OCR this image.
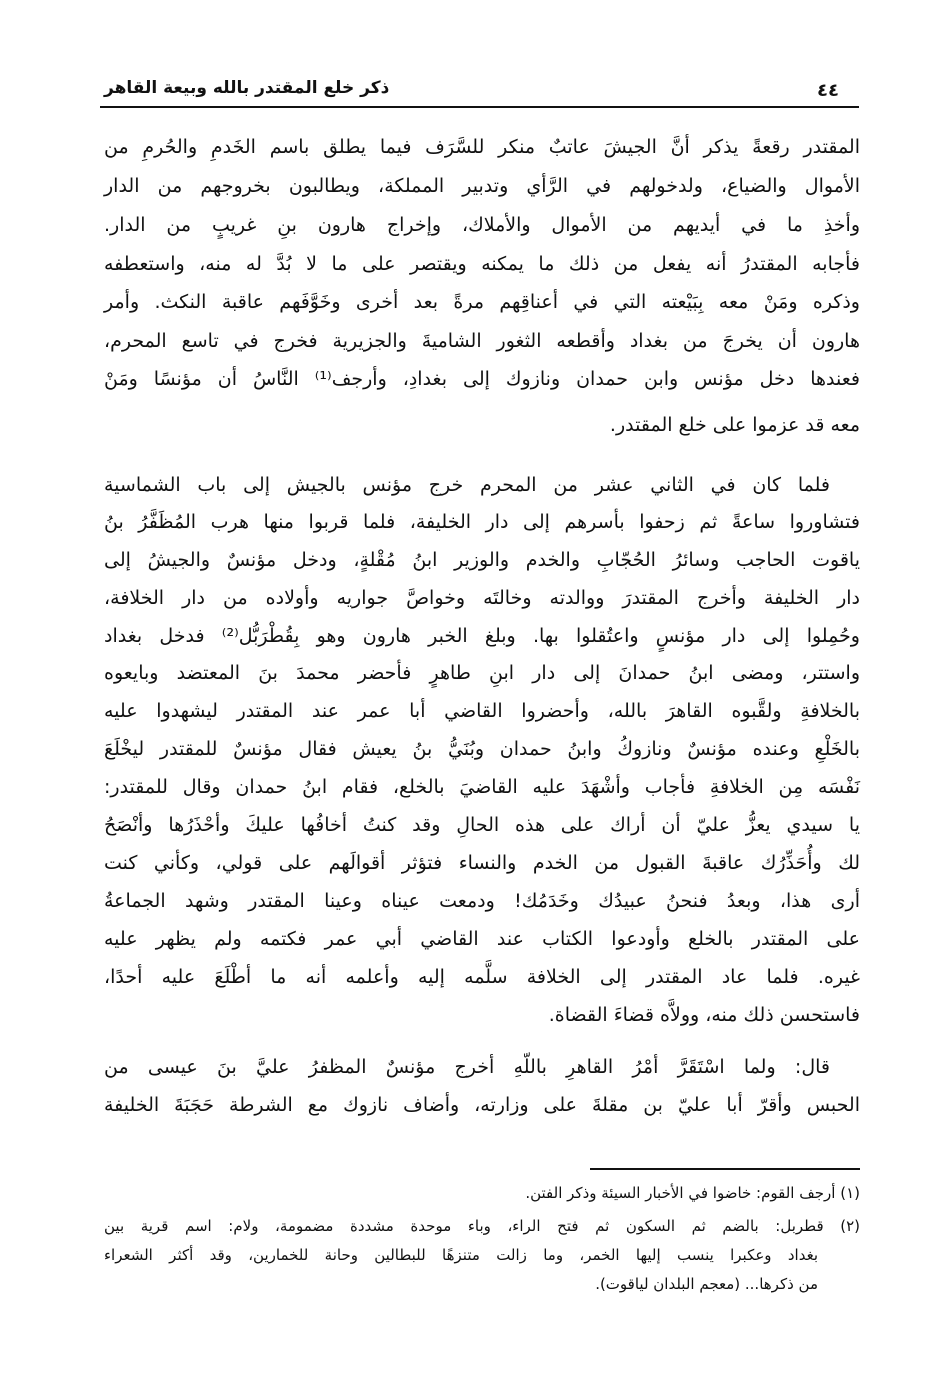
٤٤
ذكر خلع المقتدر بالله وبيعة القاهر
المقتدر رقعةً يذكر أنَّ الجيشَ عاتبٌ منكر للسَّرَف فيما يطلق باسم الخَدمِ والحُرمِ من
الأموال والضياع، ولدخولهم في الرَّأي وتدبير المملكة، ويطالبون بخروجهم من الدار
وأخذِ ما في أيديهم من الأموال والأملاك، وإخراج هارون بنِ غريبٍ من الدار.
فأجابه المقتدرُ أنه يفعل من ذلك ما يمكنه ويقتصر على ما لا بُدَّ له منه، واستعطفه
وذكره ومَنْ معه بِبَيْعته التي في أعناقِهم مرةً بعد أخرى وخَوَّفَهم عاقبة النكث. وأمر
هارون أن يخرجَ من بغداد وأقطعه الثغور الشاميةَ والجزيرية فخرج في تاسع المحرم،
فعندها دخل مؤنس وابن حمدان ونازوك إلى بغدادِ، وأرجف⁽¹⁾ النَّاسُ أن مؤنسًا ومَنْ
معه قد عزموا على خلع المقتدر.
فلما كان في الثاني عشر من المحرم خرج مؤنس بالجيش إلى باب الشماسية
فتشاوروا ساعةً ثم زحفوا بأسرهم إلى دار الخليفة، فلما قربوا منها هرب المُظَفَّرُ بنُ
ياقوت الحاجب وسائرُ الحُجّابِ والخدم والوزير ابنُ مُقْلةٍ، ودخل مؤنسٌ والجيشُ إلى
دار الخليفة وأخرج المقتدرَ ووالدته وخالتَه وخواصَّ جواريه وأولاده من دار الخلافة،
وحُمِلوا إلى دار مؤنسٍ واعتُقلوا بها. وبلغ الخبر هارون وهو بِقُطْرَبُّل⁽²⁾ فدخل بغداد
واستتر، ومضى ابنُ حمدانَ إلى دار ابنِ طاهرٍ فأحضر محمدَ بنَ المعتضد وبايعوه
بالخلافةِ ولقَّبوه القاهرَ بالله، وأحضروا القاضي أبا عمر عند المقتدر ليشهدوا عليه
بالخَلْعِ وعنده مؤنسٌ ونازوكُ وابنُ حمدان وبُنَيُّ بنُ يعيش فقال مؤنسٌ للمقتدر ليخْلَعَ
نَفْسَه مِن الخلافةِ فأجاب وأشْهَدَ عليه القاضيَ بالخلع، فقام ابنُ حمدان وقال للمقتدر:
يا سيدي يعزُّ عليّ أن أراك على هذه الحالِ وقد كنتُ أخافُها عليكَ وأحْذَرُها وأنْصَحُ
لك وأُحَذِّرُك عاقبةَ القبول من الخدم والنساء فتؤثر أقوالَهم على قولي، وكأني كنت
أرى هذا، وبعدُ فنحنُ عبيدُك وخَدَمُك! ودمعت عيناه وعينا المقتدر وشهد الجماعةُ
على المقتدر بالخلع وأودعوا الكتاب عند القاضي أبي عمر فكتمه ولم يظهر عليه
غيره. فلما عاد المقتدر إلى الخلافة سلَّمه إليه وأعلمه أنه ما أطْلَعَ عليه أحدًا،
فاستحسن ذلك منه، وولاَّه قضاءَ القضاة.
قال: ولما اسْتَقَرَّ أمْرُ القاهرِ باللّهِ أخرج مؤنسٌ المظفرُ عليَّ بنَ عيسى من
الحبس وأقرّ أبا عليّ بن مقلةَ على وزارته، وأضاف نازوك مع الشرطة حَجَبَةَ الخليفة
(١) أرجف القوم: خاضوا في الأخبار السيئة وذكر الفتن.
(٢) قطربل: بالضم ثم السكون ثم فتح الراء، وباء موحدة مشددة مضمومة، ولام: اسم قرية بين
بغداد وعكبرا ينسب إليها الخمر، وما زالت متنزهًا للبطالين وحانة للخمارين، وقد أكثر الشعراء
من ذكرها... (معجم البلدان لياقوت).
